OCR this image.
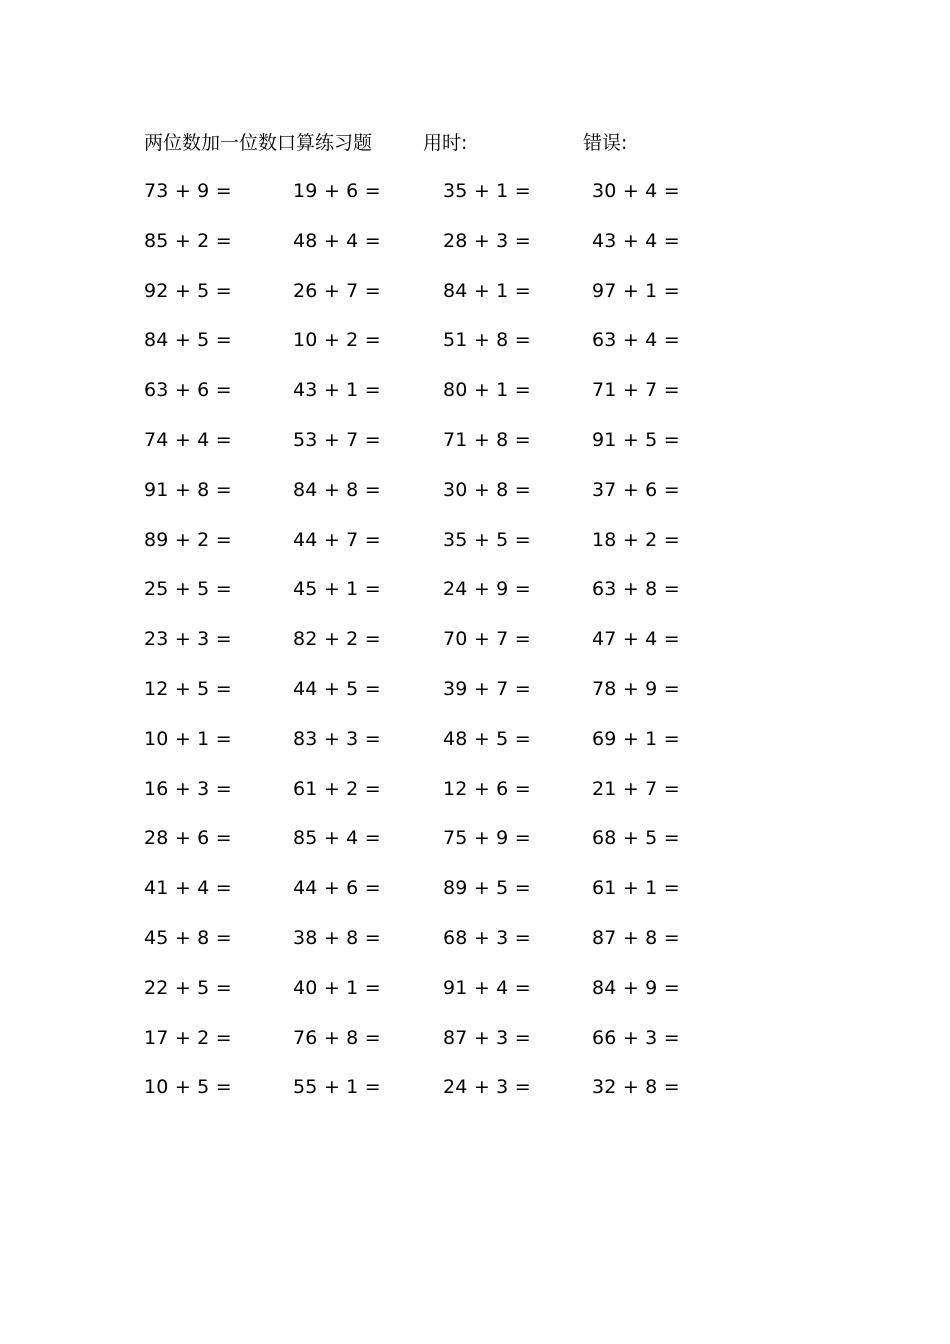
两位数加一位数口算练习题	用时:	错误:
73 + 9 =	19 + 6 =	35 + 1 =	30 + 4 =
85 + 2 =	48 + 4 =	28 + 3 =	43 + 4 =
92 + 5 =	26 + 7 =	84 + 1 =	97 + 1 =
84 + 5 =	10 + 2 =	51 + 8 =	63 + 4 =
63 + 6 =	43 + 1 =	80 + 1 =	71 + 7 =
74 + 4 =	53 + 7 =	71 + 8 =	91 + 5 =
91 + 8 =	84 + 8 =	30 + 8 =	37 + 6 =
89 + 2 =	44 + 7 =	35 + 5 =	18 + 2 =
25 + 5 =	45 + 1 =	24 + 9 =	63 + 8 =
23 + 3 =	82 + 2 =	70 + 7 =	47 + 4 =
12 + 5 =	44 + 5 =	39 + 7 =	78 + 9 =
10 + 1 =	83 + 3 =	48 + 5 =	69 + 1 =
16 + 3 =	61 + 2 =	12 + 6 =	21 + 7 =
28 + 6 =	85 + 4 =	75 + 9 =	68 + 5 =
41 + 4 =	44 + 6 =	89 + 5 =	61 + 1 =
45 + 8 =	38 + 8 =	68 + 3 =	87 + 8 =
22 + 5 =	40 + 1 =	91 + 4 =	84 + 9 =
17 + 2 =	76 + 8 =	87 + 3 =	66 + 3 =
10 + 5 =	55 + 1 =	24 + 3 =	32 + 8 =
